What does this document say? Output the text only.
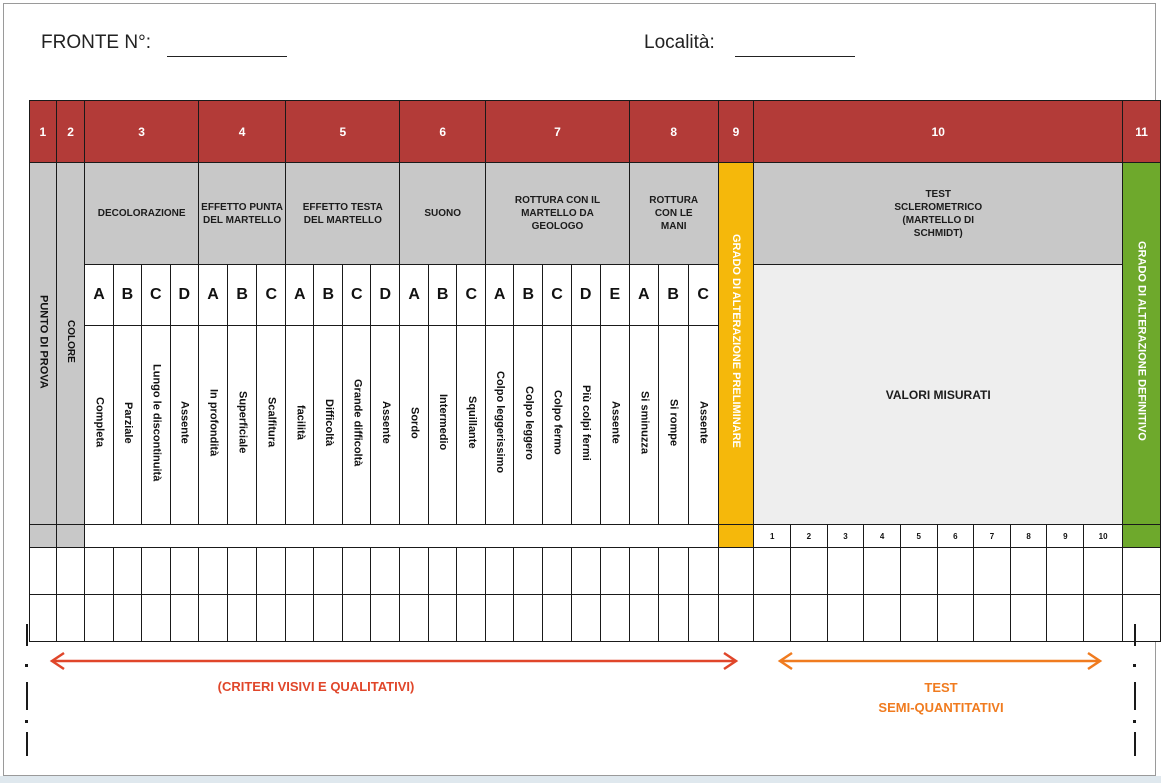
FRONTE N°:	Località:
1	2	3				4			5				6			7					8			9	10										11
PUNTO DI PROVA	COLORE	DECOLORAZIONE				EFFETTO PUNTA DEL MARTELLO			EFFETTO TESTA DEL MARTELLO				SUONO			ROTTURA CON IL MARTELLO DA GEOLOGO					ROTTURA CON LE MANI			GRADO DI ALTERAZIONE PRELIMINARE	TEST SCLEROMETRICO (MARTELLO DI SCHMIDT)										GRADO DI ALTERAZIONE DEFINITIVO
		A	B	C	D	A	B	C	A	B	C	D	A	B	C	A	B	C	D	E	A	B	C		VALORI MISURATI										
		Completa	Parziale	Lungo le discontinuità	Assente	In profondità	Superficiale	Scalfitura	facilità	Difficoltà	Grande difficoltà	Assente	Sordo	Intermedio	Squillante	Colpo leggerissimo	Colpo leggero	Colpo fermo	Più colpi fermi	Assente	Si sminuzza	Si rompe	Assente												
																									1	2	3	4	5	6	7	8	9	10	

(CRITERI VISIVI E QUALITATIVI)	TEST
SEMI-QUANTITATIVI
